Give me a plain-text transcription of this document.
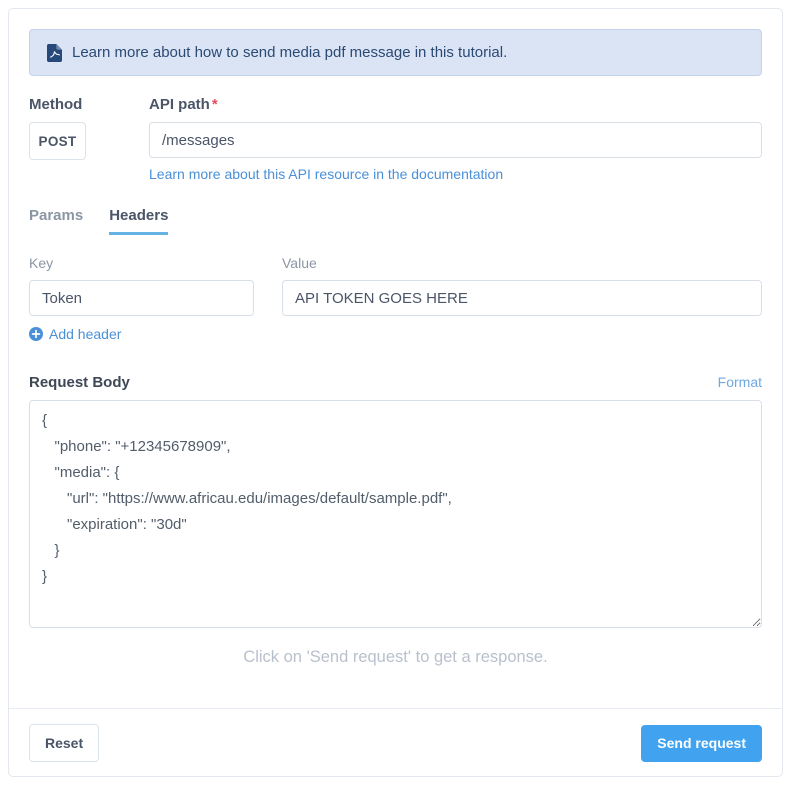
Learn more about how to send media pdf message in this tutorial.
Method
POST
API path *
/messages Learn more about this API resource in the documentation
Params Headers
Key
Token
Add header
Value
API TOKEN GOES HERE
Request Body	Format
{ "phone": "+12345678909", "media": { "url": "https://www.africau.edu/images/default/sample.pdf", "expiration": "30d" } }
Click on 'Send request' to get a response.
Reset	Send request
